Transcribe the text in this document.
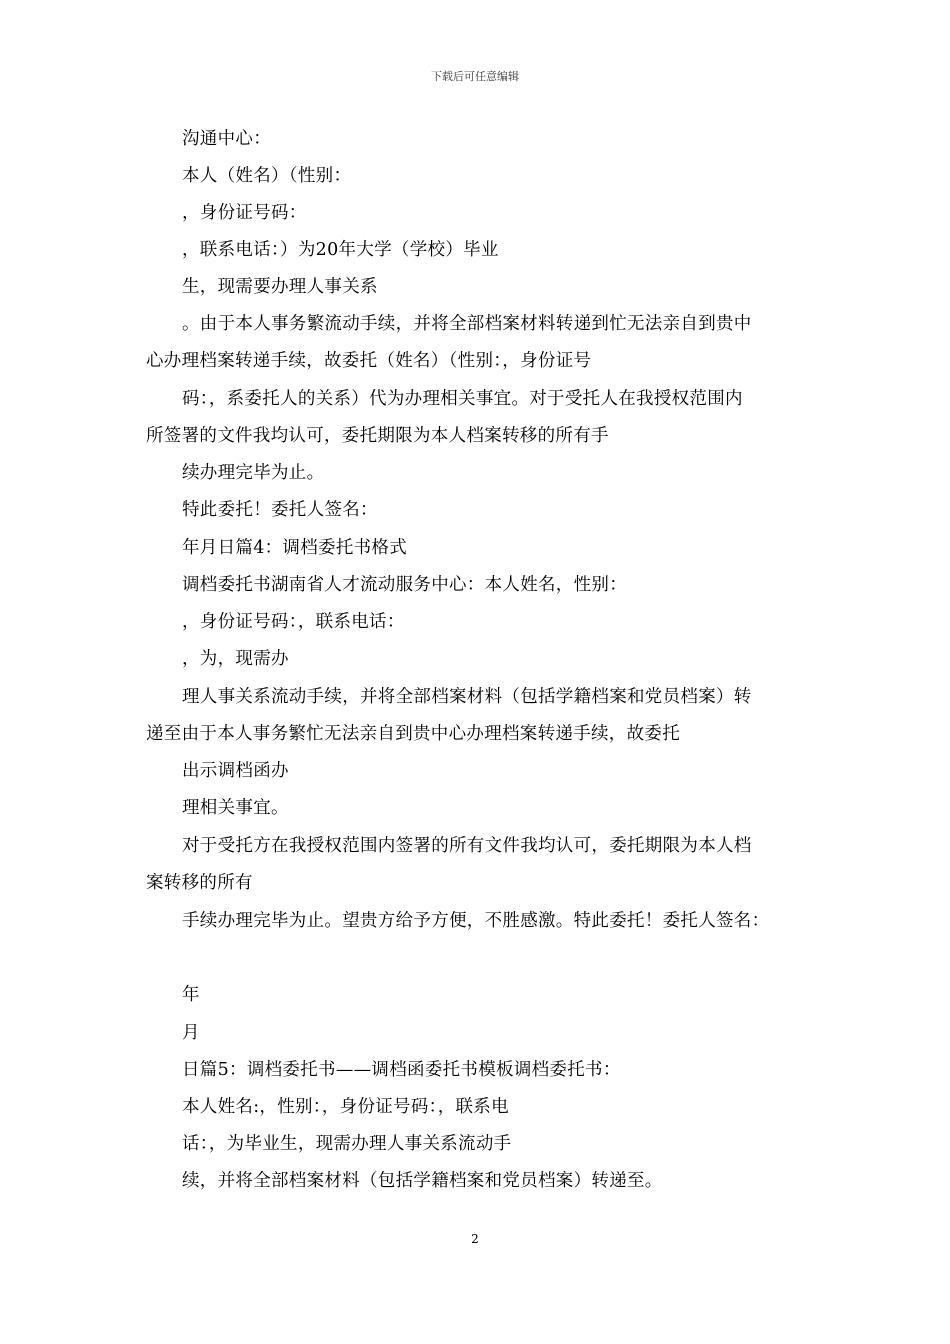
下载后可任意编辑
沟通中心：
本人（姓名）（性别：
，身份证号码：
，联系电话：）为20年大学（学校）毕业
生，现需要办理人事关系
。由于本人事务繁流动手续，并将全部档案材料转递到忙无法亲自到贵中
心办理档案转递手续，故委托（姓名）（性别：，身份证号
码：，系委托人的关系）代为办理相关事宜。对于受托人在我授权范围内
所签署的文件我均认可，委托期限为本人档案转移的所有手
续办理完毕为止。
特此委托！委托人签名：
年月日篇4：调档委托书格式
调档委托书湖南省人才流动服务中心：本人姓名，性别：
，身份证号码：，联系电话：
，为，现需办
理人事关系流动手续，并将全部档案材料（包括学籍档案和党员档案）转
递至由于本人事务繁忙无法亲自到贵中心办理档案转递手续，故委托
出示调档函办
理相关事宜。
对于受托方在我授权范围内签署的所有文件我均认可，委托期限为本人档
案转移的所有
手续办理完毕为止。望贵方给予方便，不胜感激。特此委托！委托人签名：
年
月
日篇5：调档委托书——调档函委托书模板调档委托书：
本人姓名:，性别：，身份证号码：，联系电
话：，为毕业生，现需办理人事关系流动手
续，并将全部档案材料（包括学籍档案和党员档案）转递至。
2
